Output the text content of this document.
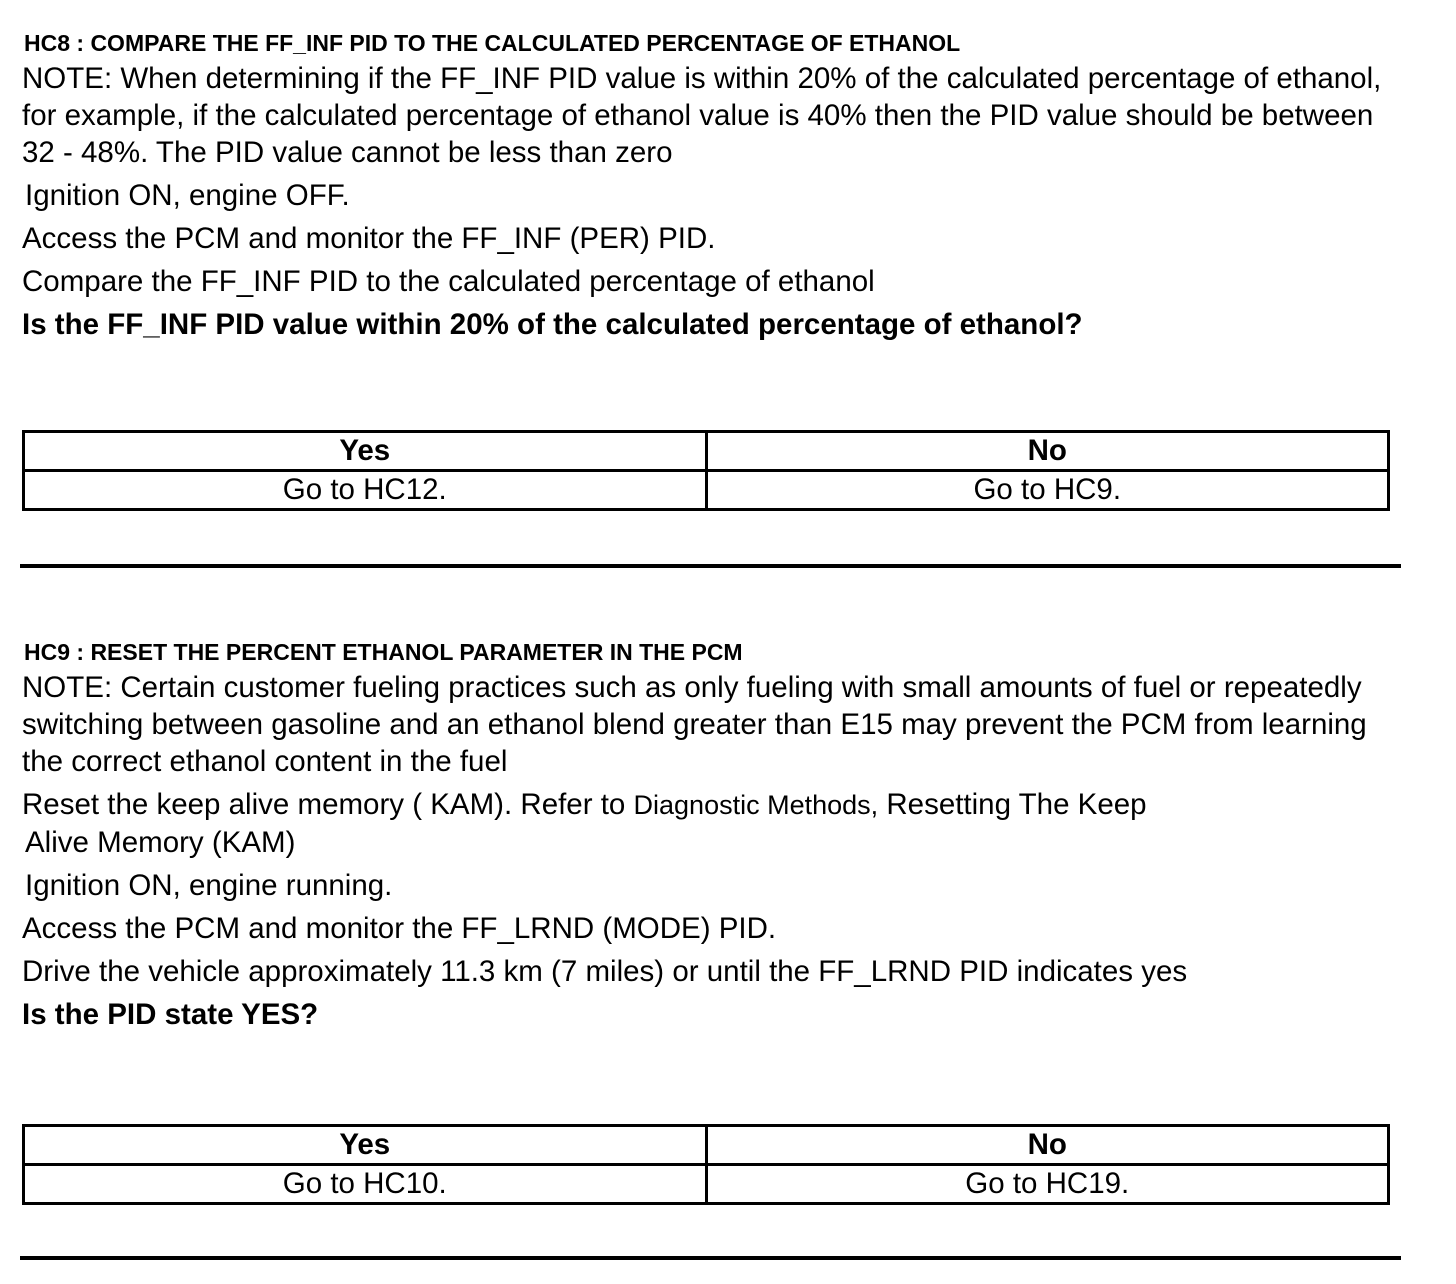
HC8 : COMPARE THE FF_INF PID TO THE CALCULATED PERCENTAGE OF ETHANOL
NOTE: When determining if the FF_INF PID value is within 20% of the calculated percentage of ethanol, for example, if the calculated percentage of ethanol value is 40% then the PID value should be between 32 - 48%. The PID value cannot be less than zero
Ignition ON, engine OFF.
Access the PCM and monitor the FF_INF (PER) PID.
Compare the FF_INF PID to the calculated percentage of ethanol
Is the FF_INF PID value within 20% of the calculated percentage of ethanol?
Yes	No
Go to HC12.	Go to HC9.
HC9 : RESET THE PERCENT ETHANOL PARAMETER IN THE PCM
NOTE: Certain customer fueling practices such as only fueling with small amounts of fuel or repeatedly switching between gasoline and an ethanol blend greater than E15 may prevent the PCM from learning the correct ethanol content in the fuel
Reset the keep alive memory ( KAM). Refer to Diagnostic Methods, Resetting The Keep
Alive Memory (KAM)
Ignition ON, engine running.
Access the PCM and monitor the FF_LRND (MODE) PID.
Drive the vehicle approximately 11.3 km (7 miles) or until the FF_LRND PID indicates yes
Is the PID state YES?
Yes	No
Go to HC10.	Go to HC19.
